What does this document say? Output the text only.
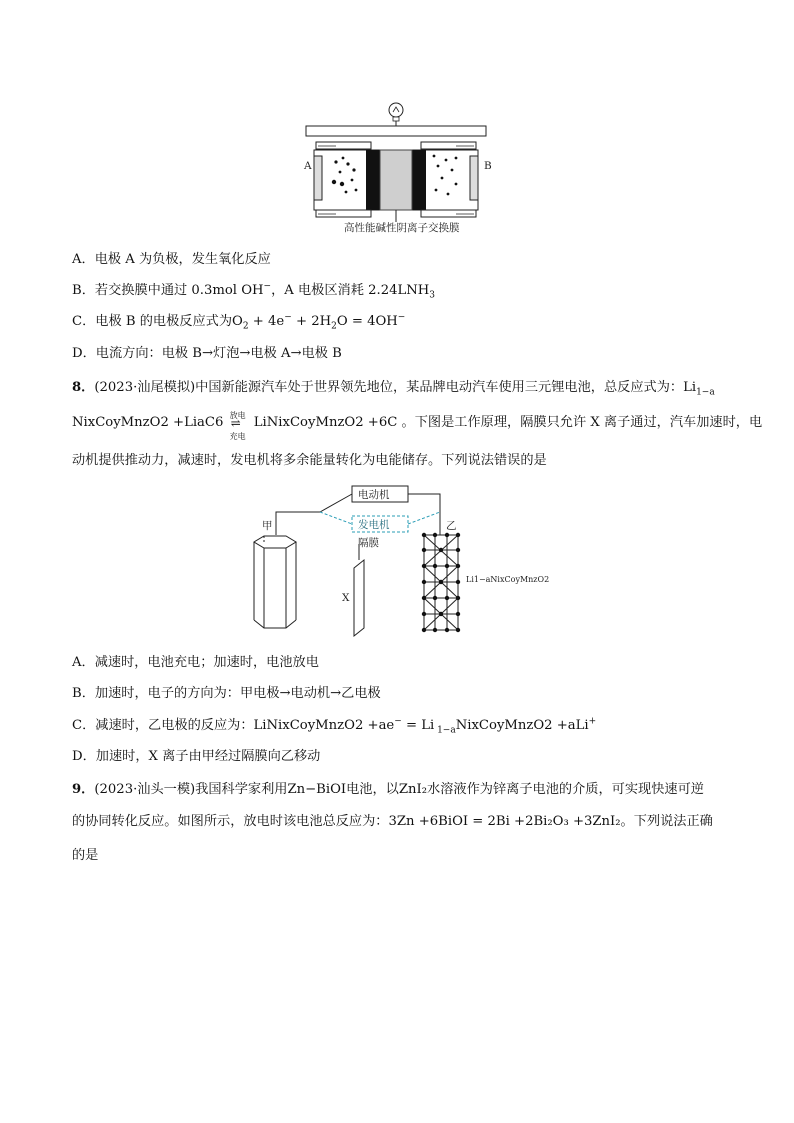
A	B
高性能碱性阴离子交换膜
A．电极 A 为负极，发生氧化反应
B．若交换膜中通过 0.3mol OH−，A 电极区消耗 $2.24LNH_3$
C．电极 B 的电极反应式为$O_2 + 4e^- + 2H_2O = 4OH^-$
D．电流方向：电极 B→灯泡→电极 A→电极 B
8．(2023·汕尾模拟)中国新能源汽车处于世界领先地位，某品牌电动汽车使用三元锂电池，总反应式为：$Li_{1-a}$
NixCoyMnzO2 +LiaC6 放电
⇌
充电
LiNixCoyMnzO2 +6C 。下图是工作原理，隔膜只允许 X 离子通过，汽车加速时，电
动机提供推动力，减速时，发电机将多余能量转化为电能储存。下列说法错误的是
电动机
发电机
甲	乙
隔膜
X
Li1−aNixCoyMnzO2
A．减速时，电池充电；加速时，电池放电
B．加速时，电子的方向为：甲电极→电动机→乙电极
C．减速时，乙电极的反应为：LiNixCoyMnzO2 +ae− = Li $_{1-a}$NixCoyMnzO2 +aLi+
D．加速时，X 离子由甲经过隔膜向乙移动
9．(2023·汕头一模)我国科学家利用Zn−BiOI电池，以ZnI₂水溶液作为锌离子电池的介质，可实现快速可逆
的协同转化反应。如图所示，放电时该电池总反应为：3Zn +6BiOI = 2Bi +2Bi₂O₃ +3ZnI₂。下列说法正确
的是
